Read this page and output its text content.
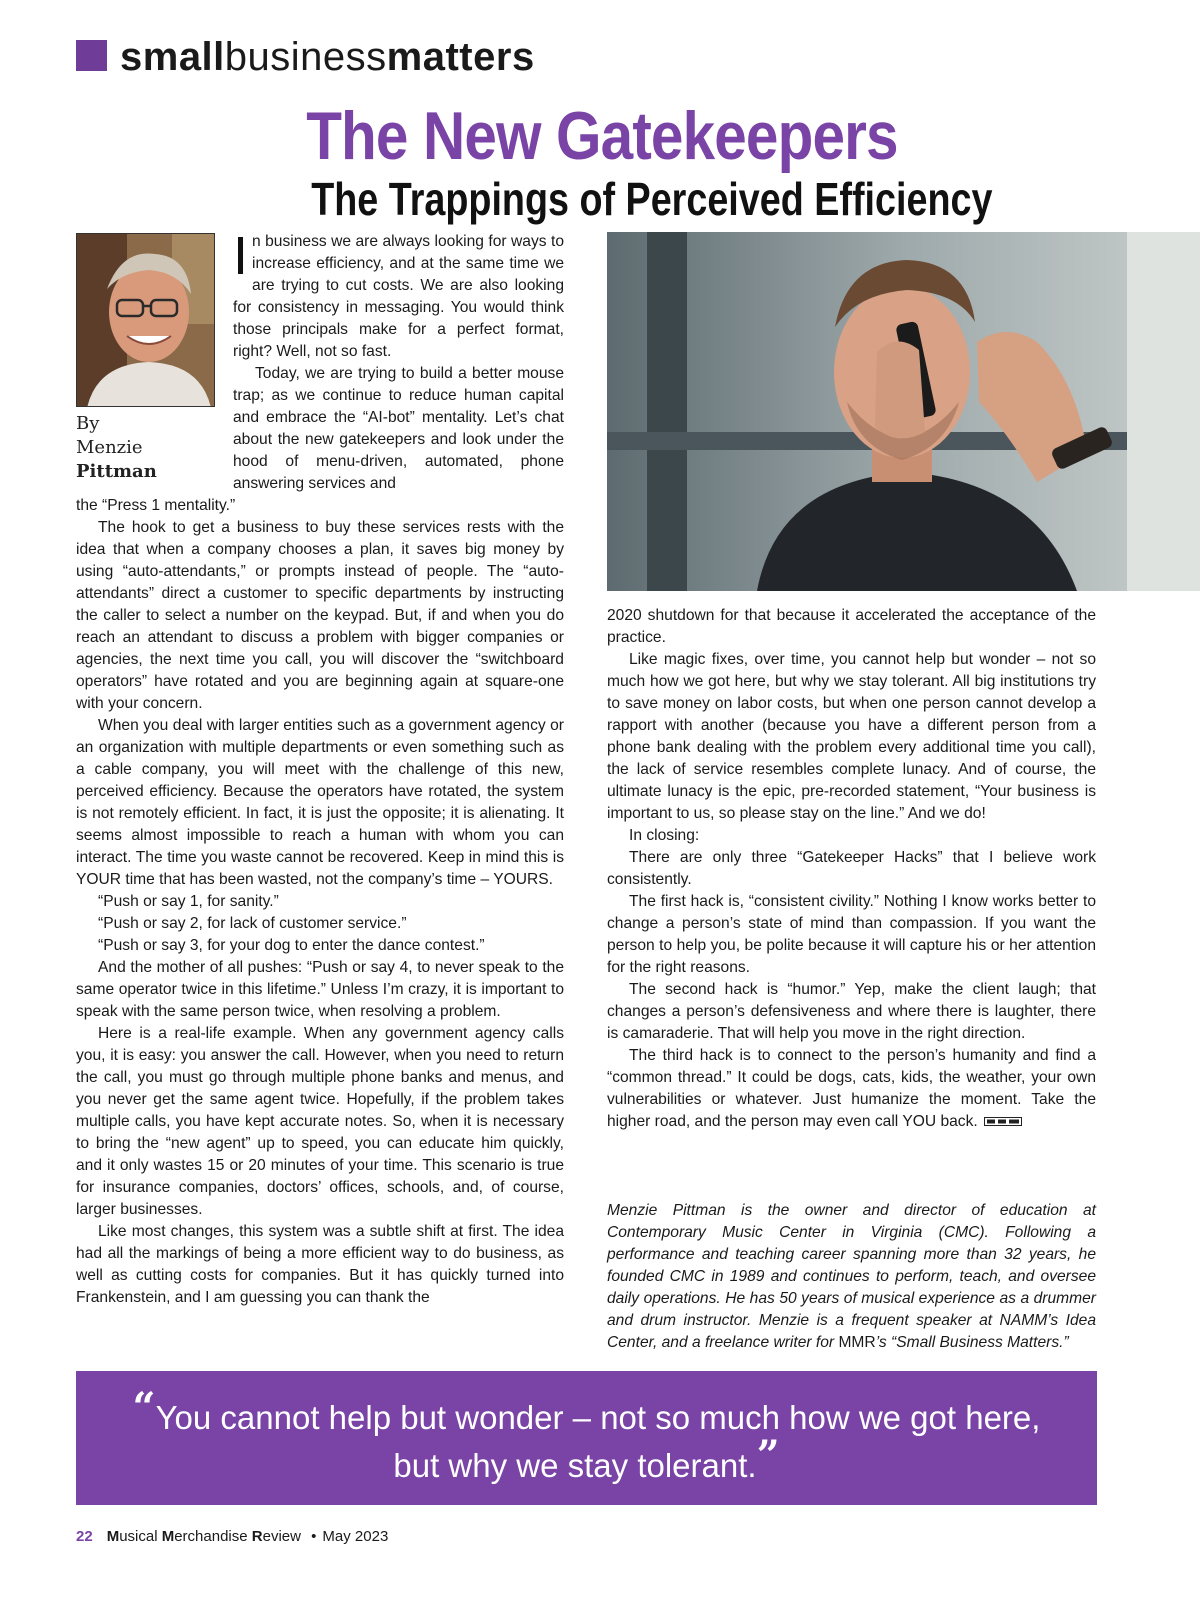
smallbusinessmatters
The New Gatekeepers
The Trappings of Perceived Efficiency
By
Menzie
Pittman

In business we are always looking for ways to increase efficiency, and at the same time we are trying to cut costs. We are also looking for consistency in messaging. You would think those principals make for a perfect format, right? Well, not so fast.

Today, we are trying to build a better mouse trap; as we continue to reduce human capital and embrace the “AI-bot” mentality. Let’s chat about the new gatekeepers and look under the hood of menu-driven, automated, phone answering services and

the “Press 1 mentality.”

The hook to get a business to buy these services rests with the idea that when a company chooses a plan, it saves big money by using “auto-attendants,” or prompts instead of people. The “auto-attendants” direct a customer to specific departments by instructing the caller to select a number on the keypad. But, if and when you do reach an attendant to discuss a problem with bigger companies or agencies, the next time you call, you will discover the “switchboard operators” have rotated and you are beginning again at square-one with your concern.

When you deal with larger entities such as a government agency or an organization with multiple departments or even something such as a cable company, you will meet with the challenge of this new, perceived efficiency. Because the operators have rotated, the system is not remotely efficient. In fact, it is just the opposite; it is alienating. It seems almost impossible to reach a human with whom you can interact. The time you waste cannot be recovered. Keep in mind this is YOUR time that has been wasted, not the company’s time – YOURS.

“Push or say 1, for sanity.”

“Push or say 2, for lack of customer service.”

“Push or say 3, for your dog to enter the dance contest.”

And the mother of all pushes: “Push or say 4, to never speak to the same operator twice in this lifetime.” Unless I’m crazy, it is important to speak with the same person twice, when resolving a problem.

Here is a real-life example. When any government agency calls you, it is easy: you answer the call. However, when you need to return the call, you must go through multiple phone banks and menus, and you never get the same agent twice. Hopefully, if the problem takes multiple calls, you have kept accurate notes. So, when it is necessary to bring the “new agent” up to speed, you can educate him quickly, and it only wastes 15 or 20 minutes of your time. This scenario is true for insurance companies, doctors’ offices, schools, and, of course, larger businesses.

Like most changes, this system was a subtle shift at first. The idea had all the markings of being a more efficient way to do business, as well as cutting costs for companies. But it has quickly turned into Frankenstein, and I am guessing you can thank the

2020 shutdown for that because it accelerated the acceptance of the practice.

Like magic fixes, over time, you cannot help but wonder – not so much how we got here, but why we stay tolerant. All big institutions try to save money on labor costs, but when one person cannot develop a rapport with another (because you have a different person from a phone bank dealing with the problem every additional time you call), the lack of service resembles complete lunacy. And of course, the ultimate lunacy is the epic, pre-recorded statement, “Your business is important to us, so please stay on the line.” And we do!

In closing:

There are only three “Gatekeeper Hacks” that I believe work consistently.

The first hack is, “consistent civility.” Nothing I know works better to change a person’s state of mind than compassion. If you want the person to help you, be polite because it will capture his or her attention for the right reasons.

The second hack is “humor.” Yep, make the client laugh; that changes a person’s defensiveness and where there is laughter, there is camaraderie. That will help you move in the right direction.

The third hack is to connect to the person’s humanity and find a “common thread.” It could be dogs, cats, kids, the weather, your own vulnerabilities or whatever. Just humanize the moment. Take the higher road, and the person may even call YOU back.

Menzie Pittman is the owner and director of education at Contemporary Music Center in Virginia (CMC). Following a performance and teaching career spanning more than 32 years, he founded CMC in 1989 and continues to perform, teach, and oversee daily operations. He has 50 years of musical experience as a drummer and drum instructor. Menzie is a frequent speaker at NAMM’s Idea Center, and a freelance writer for MMR’s “Small Business Matters.”
“You cannot help but wonder – not so much how we got here,
but why we stay tolerant.”
22 Musical Merchandise Review • May 2023
